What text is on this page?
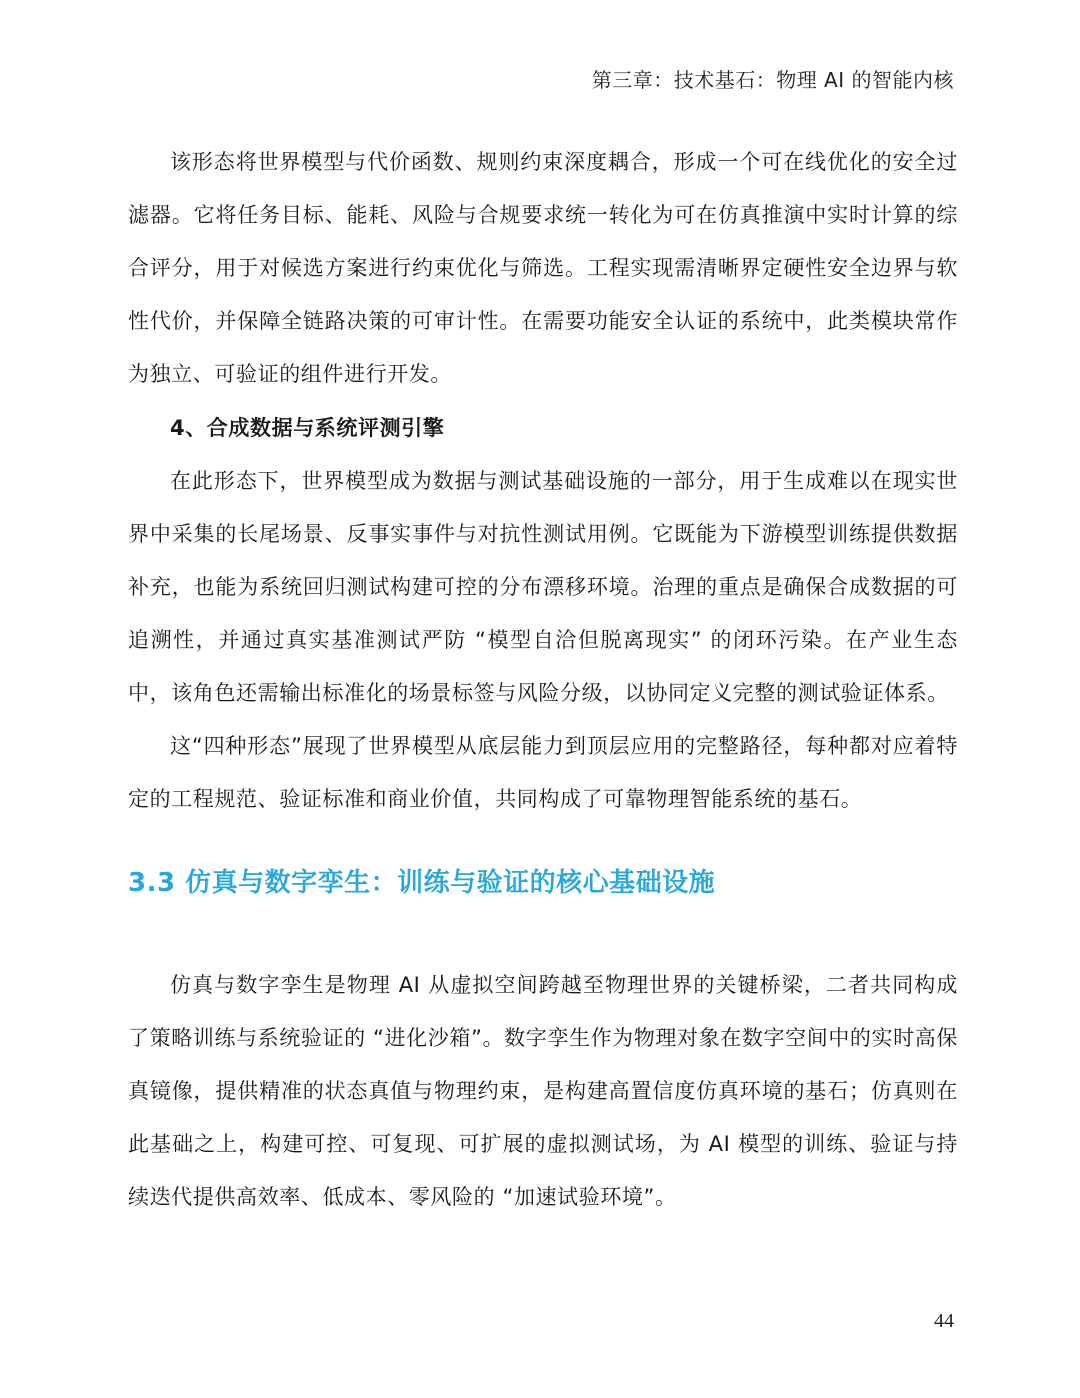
第三章：技术基石：物理 AI 的智能内核

该形态将世界模型与代价函数、规则约束深度耦合，形成一个可在线优化的安全过滤器。它将任务目标、能耗、风险与合规要求统一转化为可在仿真推演中实时计算的综合评分，用于对候选方案进行约束优化与筛选。工程实现需清晰界定硬性安全边界与软性代价，并保障全链路决策的可审计性。在需要功能安全认证的系统中，此类模块常作为独立、可验证的组件进行开发。

4、合成数据与系统评测引擎

在此形态下，世界模型成为数据与测试基础设施的一部分，用于生成难以在现实世界中采集的长尾场景、反事实事件与对抗性测试用例。它既能为下游模型训练提供数据补充，也能为系统回归测试构建可控的分布漂移环境。治理的重点是确保合成数据的可追溯性，并通过真实基准测试严防 “模型自洽但脱离现实” 的闭环污染。在产业生态中，该角色还需输出标准化的场景标签与风险分级，以协同定义完整的测试验证体系。

这“四种形态”展现了世界模型从底层能力到顶层应用的完整路径，每种都对应着特定的工程规范、验证标准和商业价值，共同构成了可靠物理智能系统的基石。

3.3 仿真与数字孪生：训练与验证的核心基础设施

仿真与数字孪生是物理 AI 从虚拟空间跨越至物理世界的关键桥梁，二者共同构成了策略训练与系统验证的 “进化沙箱”。数字孪生作为物理对象在数字空间中的实时高保真镜像，提供精准的状态真值与物理约束，是构建高置信度仿真环境的基石；仿真则在此基础之上，构建可控、可复现、可扩展的虚拟测试场，为 AI 模型的训练、验证与持续迭代提供高效率、低成本、零风险的 “加速试验环境”。

44
